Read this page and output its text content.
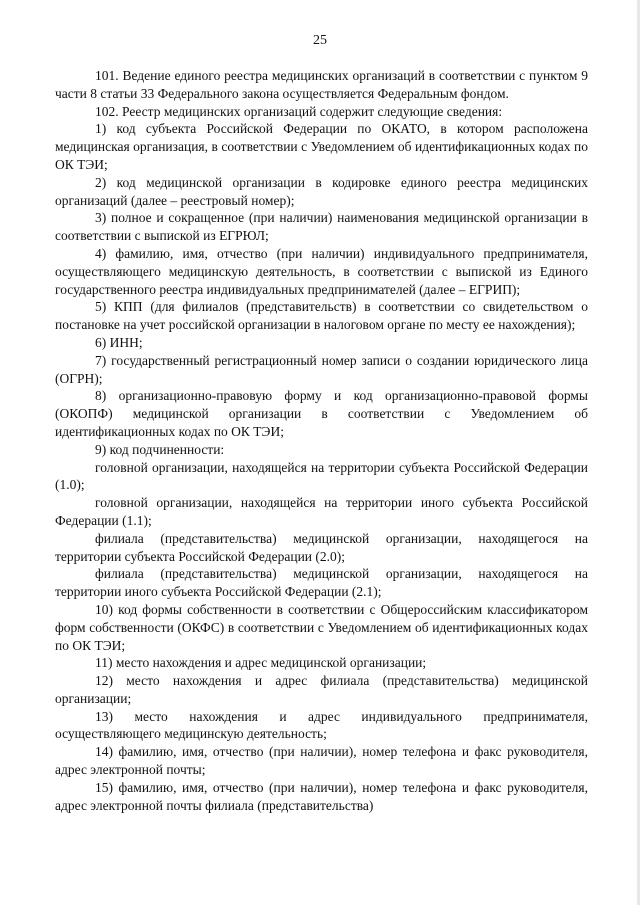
25

101. Ведение единого реестра медицинских организаций в соответствии с пунктом 9 части 8 статьи 33 Федерального закона осуществляется Федеральным фондом.

102. Реестр медицинских организаций содержит следующие сведения:

1) код субъекта Российской Федерации по ОКАТО, в котором расположена медицинская организация, в соответствии с Уведомлением об идентификационных кодах по ОК ТЭИ;

2) код медицинской организации в кодировке единого реестра медицинских организаций (далее – реестровый номер);

3) полное и сокращенное (при наличии) наименования медицинской организации в соответствии с выпиской из ЕГРЮЛ;

4) фамилию, имя, отчество (при наличии) индивидуального предпринимателя, осуществляющего медицинскую деятельность, в соответствии с выпиской из Единого государственного реестра индивидуальных предпринимателей (далее – ЕГРИП);

5) КПП (для филиалов (представительств) в соответствии со свидетельством о постановке на учет российской организации в налоговом органе по месту ее нахождения);

6) ИНН;

7) государственный регистрационный номер записи о создании юридического лица (ОГРН);

8) организационно-правовую форму и код организационно-правовой формы (ОКОПФ) медицинской организации в соответствии с Уведомлением об идентификационных кодах по ОК ТЭИ;

9) код подчиненности:

головной организации, находящейся на территории субъекта Российской Федерации (1.0);

головной организации, находящейся на территории иного субъекта Российской Федерации (1.1);

филиала (представительства) медицинской организации, находящегося на территории субъекта Российской Федерации (2.0);

филиала (представительства) медицинской организации, находящегося на территории иного субъекта Российской Федерации (2.1);

10) код формы собственности в соответствии с Общероссийским классификатором форм собственности (ОКФС) в соответствии с Уведомлением об идентификационных кодах по ОК ТЭИ;

11) место нахождения и адрес медицинской организации;

12) место нахождения и адрес филиала (представительства) медицинской организации;

13) место нахождения и адрес индивидуального предпринимателя, осуществляющего медицинскую деятельность;

14) фамилию, имя, отчество (при наличии), номер телефона и факс руководителя, адрес электронной почты;

15) фамилию, имя, отчество (при наличии), номер телефона и факс руководителя, адрес электронной почты филиала (представительства)
